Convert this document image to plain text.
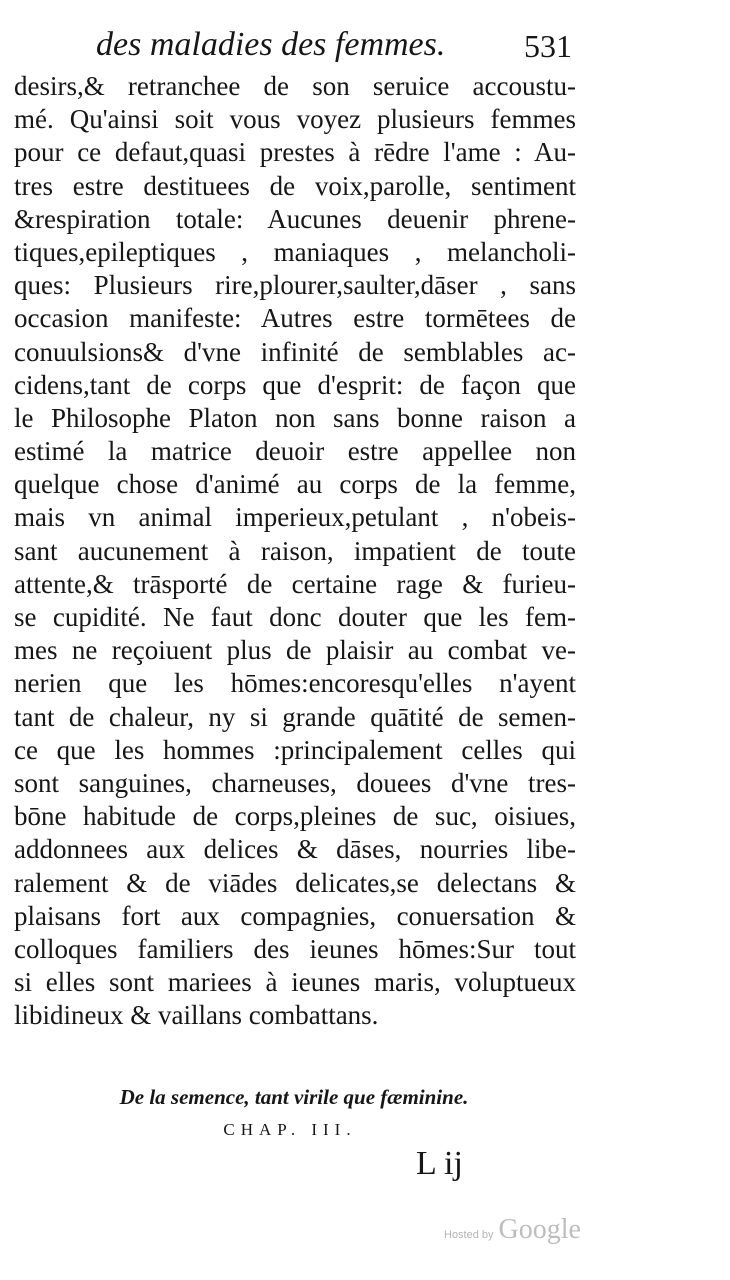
des maladies des femmes.	531
desirs,& retranchee de son seruice accoustu-
mé. Qu'ainsi soit vous voyez plusieurs femmes
pour ce defaut,quasi prestes à rēdre l'ame : Au-
tres estre destituees de voix,parolle, sentiment
&respiration totale: Aucunes deuenir phrene-
tiques,epileptiques , maniaques , melancholi-
ques: Plusieurs rire,plourer,saulter,dāser , sans
occasion manifeste: Autres estre tormētees de
conuulsions& d'vne infinité de semblables ac-
cidens,tant de corps que d'esprit: de façon que
le Philosophe Platon non sans bonne raison a
estimé la matrice deuoir estre appellee non
quelque chose d'animé au corps de la femme,
mais vn animal imperieux,petulant , n'obeis-
sant aucunement à raison, impatient de toute
attente,& trāsporté de certaine rage & furieu-
se cupidité. Ne faut donc douter que les fem-
mes ne reçoiuent plus de plaisir au combat ve-
nerien que les hōmes:encoresqu'elles n'ayent
tant de chaleur, ny si grande quātité de semen-
ce que les hommes :principalement celles qui
sont sanguines, charneuses, douees d'vne tres-
bōne habitude de corps,pleines de suc, oisiues,
addonnees aux delices & dāses, nourries libe-
ralement & de viādes delicates,se delectans &
plaisans fort aux compagnies, conuersation &
colloques familiers des ieunes hōmes:Sur tout
si elles sont mariees à ieunes maris, voluptueux
libidineux & vaillans combattans.
De la semence, tant virile que fæminine.
CHAP. III.
L ij
Hosted by Google
